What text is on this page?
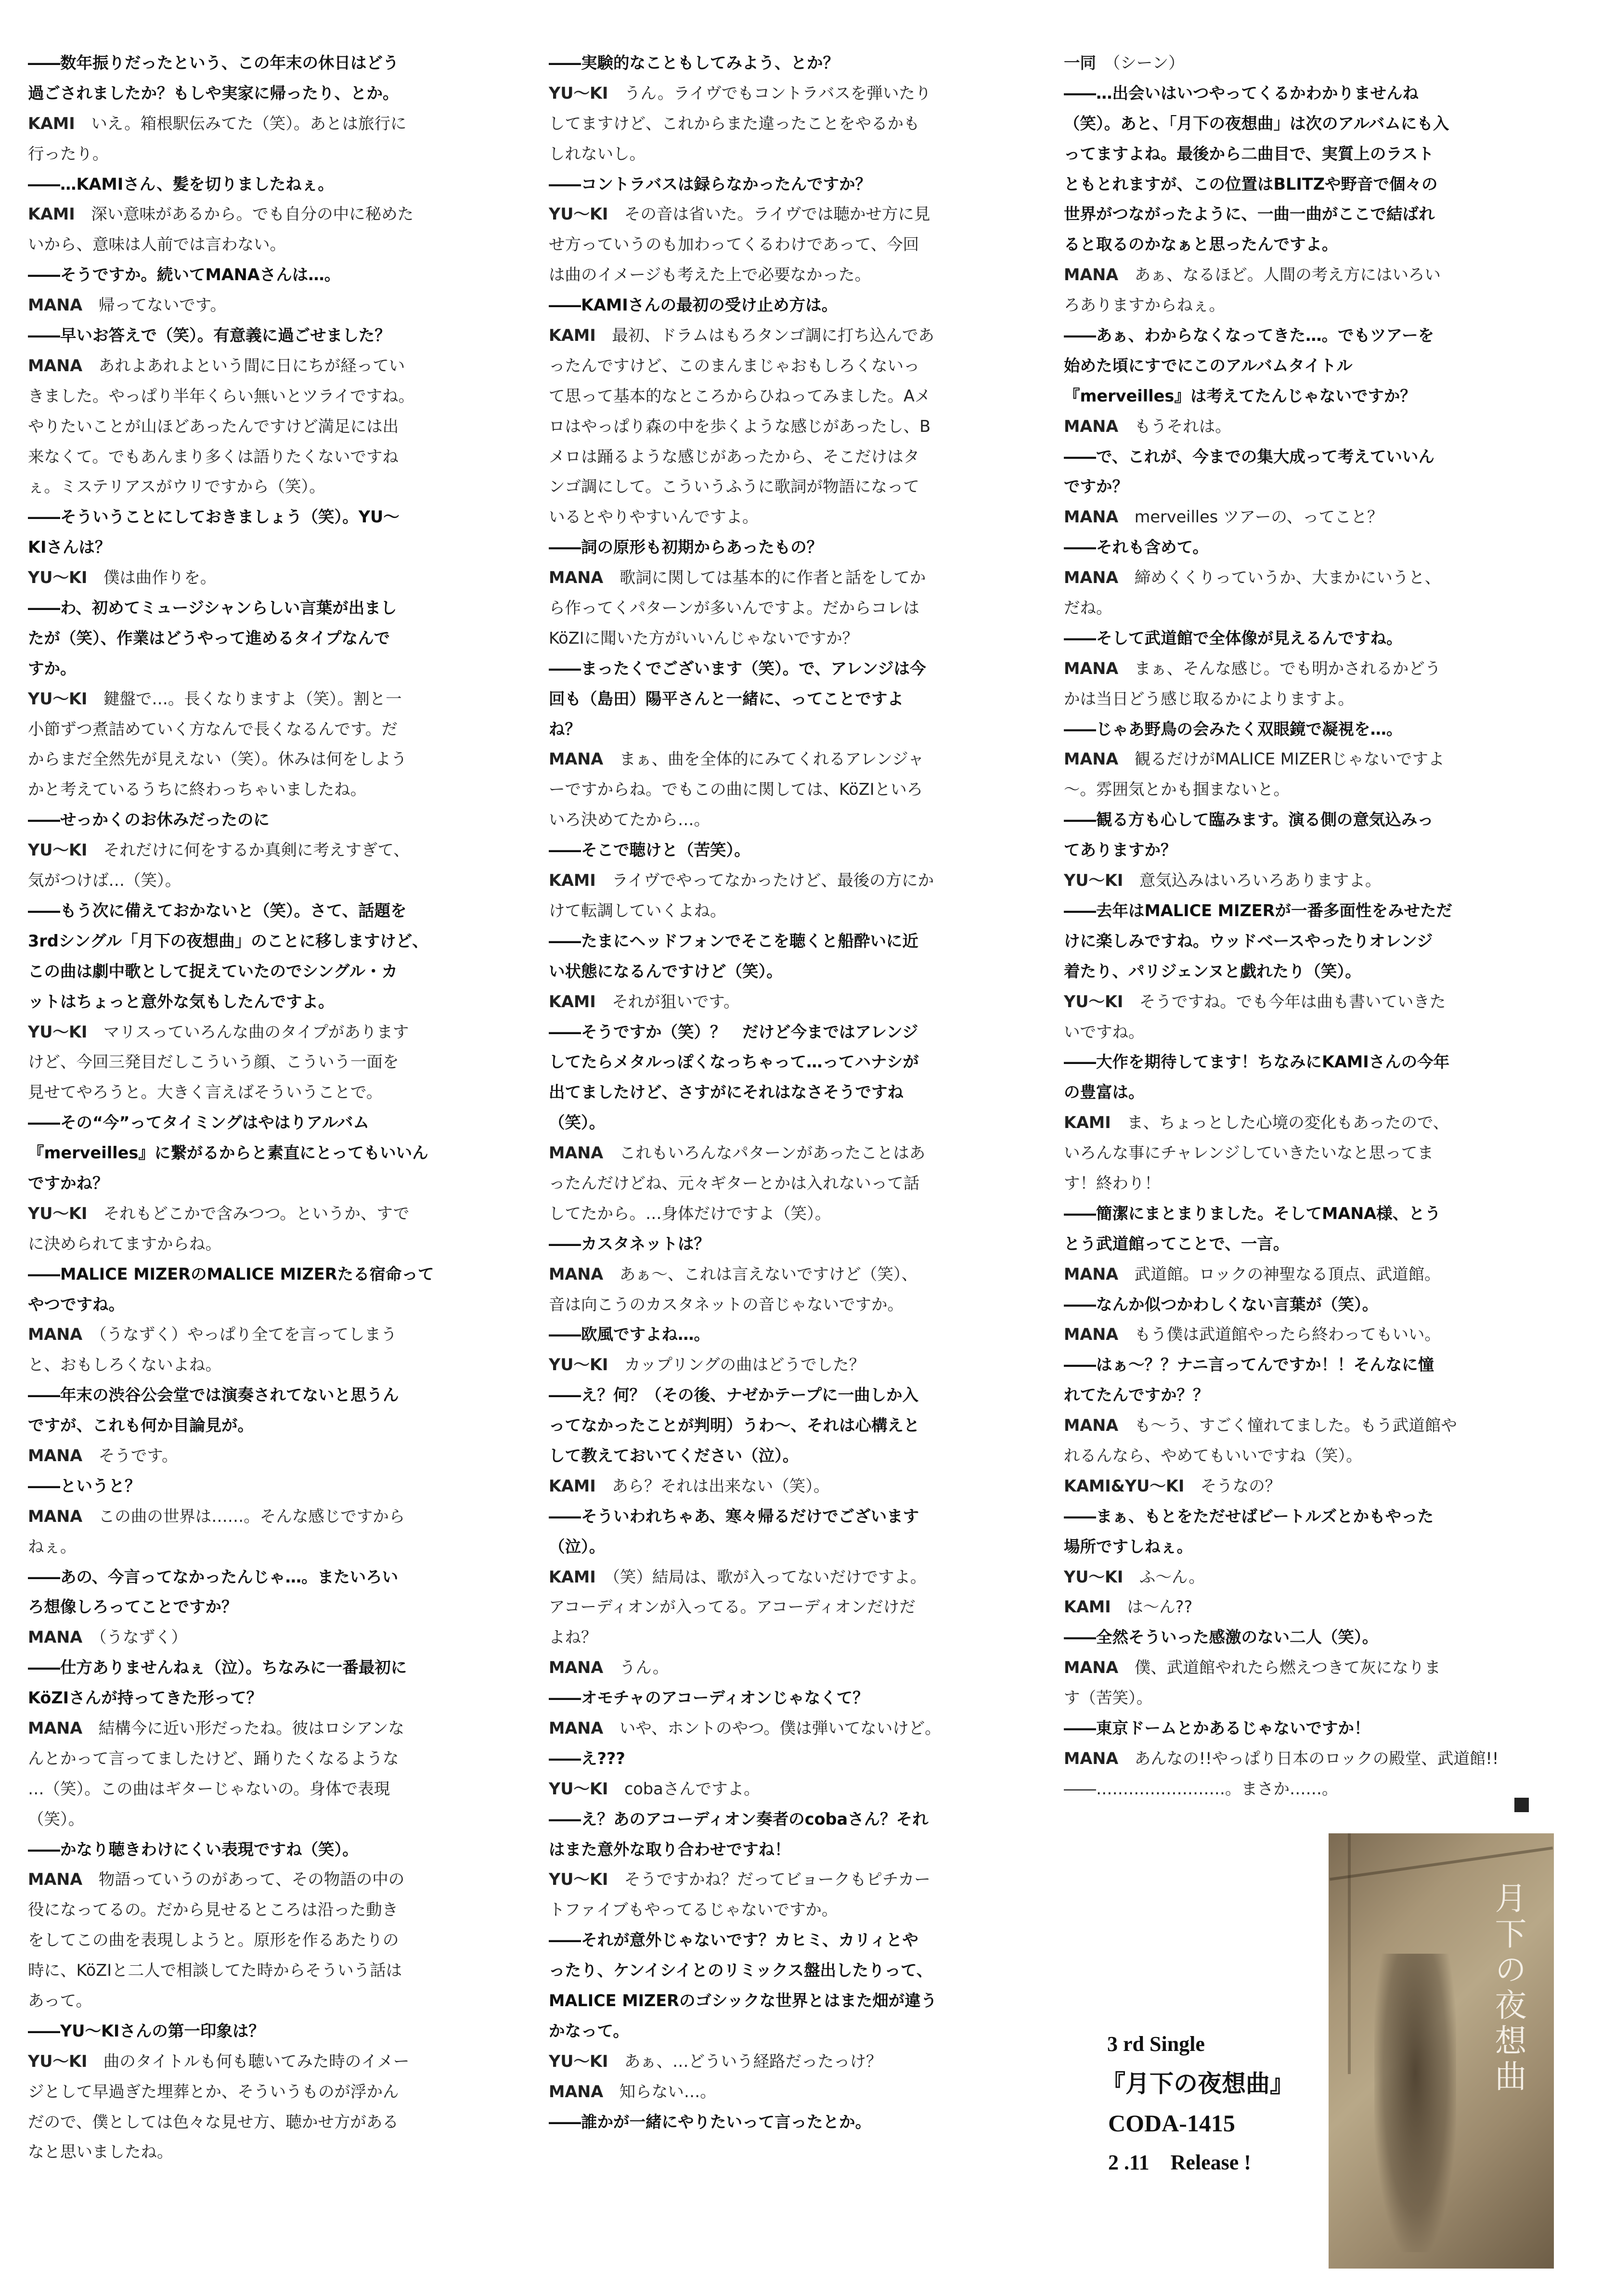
――数年振りだったという、この年末の休日はどう
過ごされましたか？もしや実家に帰ったり、とか。
KAMI　 いえ。箱根駅伝みてた（笑）。あとは旅行に
行ったり。
――…KAMIさん、髪を切りましたねぇ。
KAMI　 深い意味があるから。でも自分の中に秘めた
いから、意味は人前では言わない。
――そうですか。続いてMANAさんは…。
MANA　 帰ってないです。
――早いお答えで（笑）。有意義に過ごせました？
MANA　 あれよあれよという間に日にちが経ってい
きました。やっぱり半年くらい無いとツライですね。
やりたいことが山ほどあったんですけど満足には出
来なくて。でもあんまり多くは語りたくないですね
ぇ。ミステリアスがウリですから（笑）。
――そういうことにしておきましょう（笑）。YU〜
KIさんは？
YU〜KI　 僕は曲作りを。
――わ、初めてミュージシャンらしい言葉が出まし
たが（笑）、作業はどうやって進めるタイプなんで
すか。
YU〜KI　 鍵盤で…。長くなりますよ（笑）。割と一
小節ずつ煮詰めていく方なんで長くなるんです。だ
からまだ全然先が見えない（笑）。休みは何をしよう
かと考えているうちに終わっちゃいましたね。
――せっかくのお休みだったのに
YU〜KI　 それだけに何をするか真剣に考えすぎて、
気がつけば…（笑）。
――もう次に備えておかないと（笑）。さて、話題を
3rdシングル「月下の夜想曲」のことに移しますけど、
この曲は劇中歌として捉えていたのでシングル・カ
ットはちょっと意外な気もしたんですよ。
YU〜KI　 マリスっていろんな曲のタイプがあります
けど、今回三発目だしこういう顔、こういう一面を
見せてやろうと。大きく言えばそういうことで。
――その“今”ってタイミングはやはりアルバム
『merveilles』に繋がるからと素直にとってもいいん
ですかね？
YU〜KI　 それもどこかで含みつつ。というか、すで
に決められてますからね。
――MALICE MIZERのMALICE MIZERたる宿命って
やつですね。
MANA　 （うなずく）やっぱり全てを言ってしまう
と、おもしろくないよね。
――年末の渋谷公会堂では演奏されてないと思うん
ですが、これも何か目論見が。
MANA　 そうです。
――というと？
MANA　 この曲の世界は……。そんな感じですから
ねぇ。
――あの、今言ってなかったんじゃ…。またいろい
ろ想像しろってことですか？
MANA　 （うなずく）
――仕方ありませんねぇ（泣）。ちなみに一番最初に
KöZIさんが持ってきた形って？
MANA　 結構今に近い形だったね。彼はロシアンな
んとかって言ってましたけど、踊りたくなるような
…（笑）。この曲はギターじゃないの。身体で表現
（笑）。
――かなり聴きわけにくい表現ですね（笑）。
MANA　 物語っていうのがあって、その物語の中の
役になってるの。だから見せるところは沿った動き
をしてこの曲を表現しようと。原形を作るあたりの
時に、KöZIと二人で相談してた時からそういう話は
あって。
――YU〜KIさんの第一印象は？
YU〜KI　 曲のタイトルも何も聴いてみた時のイメー
ジとして早過ぎた埋葬とか、そういうものが浮かん
だので、僕としては色々な見せ方、聴かせ方がある
なと思いましたね。
――実験的なこともしてみよう、とか？
YU〜KI　 うん。ライヴでもコントラバスを弾いたり
してますけど、これからまた違ったことをやるかも
しれないし。
――コントラバスは録らなかったんですか？
YU〜KI　 その音は省いた。ライヴでは聴かせ方に見
せ方っていうのも加わってくるわけであって、今回
は曲のイメージも考えた上で必要なかった。
――KAMIさんの最初の受け止め方は。
KAMI　 最初、ドラムはもろタンゴ調に打ち込んであ
ったんですけど、このまんまじゃおもしろくないっ
て思って基本的なところからひねってみました。Aメ
ロはやっぱり森の中を歩くような感じがあったし、B
メロは踊るような感じがあったから、そこだけはタ
ンゴ調にして。こういうふうに歌詞が物語になって
いるとやりやすいんですよ。
――詞の原形も初期からあったもの？
MANA　 歌詞に関しては基本的に作者と話をしてか
ら作ってくパターンが多いんですよ。だからコレは
KöZIに聞いた方がいいんじゃないですか？
――まったくでございます（笑）。で、アレンジは今
回も（島田）陽平さんと一緒に、ってことですよ
ね？
MANA　 まぁ、曲を全体的にみてくれるアレンジャ
ーですからね。でもこの曲に関しては、KöZIといろ
いろ決めてたから…。
――そこで聴けと（苦笑）。
KAMI　 ライヴでやってなかったけど、最後の方にか
けて転調していくよね。
――たまにヘッドフォンでそこを聴くと船酔いに近
い状態になるんですけど（笑）。
KAMI　 それが狙いです。
――そうですか（笑）？　だけど今まではアレンジ
してたらメタルっぽくなっちゃって…ってハナシが
出てましたけど、さすがにそれはなさそうですね
（笑）。
MANA　 これもいろんなパターンがあったことはあ
ったんだけどね、元々ギターとかは入れないって話
してたから。…身体だけですよ（笑）。
――カスタネットは？
MANA　 あぁ〜、これは言えないですけど（笑）、
音は向こうのカスタネットの音じゃないですか。
――欧風ですよね…。
YU〜KI　 カップリングの曲はどうでした？
――え？何？（その後、ナゼかテープに一曲しか入
ってなかったことが判明）うわ〜、それは心構えと
して教えておいてください（泣）。
KAMI　 あら？それは出来ない（笑）。
――そういわれちゃあ、寒々帰るだけでございます
（泣）。
KAMI　 （笑）結局は、歌が入ってないだけですよ。
アコーディオンが入ってる。アコーディオンだけだ
よね？
MANA　 うん。
――オモチャのアコーディオンじゃなくて？
MANA　 いや、ホントのやつ。僕は弾いてないけど。
――え???
YU〜KI　 cobaさんですよ。
――え？あのアコーディオン奏者のcobaさん？それ
はまた意外な取り合わせですね！
YU〜KI　 そうですかね？だってビョークもピチカー
トファイブもやってるじゃないですか。
――それが意外じゃないです？カヒミ、カリィとや
ったり、ケンイシイとのリミックス盤出したりって、
MALICE MIZERのゴシックな世界とはまた畑が違う
かなって。
YU〜KI　 あぁ、…どういう経路だったっけ？
MANA　 知らない…。
――誰かが一緒にやりたいって言ったとか。
一同　 （シーン）
――…出会いはいつやってくるかわかりませんね
（笑）。あと、「月下の夜想曲」は次のアルバムにも入
ってますよね。最後から二曲目で、実質上のラスト
ともとれますが、この位置はBLITZや野音で個々の
世界がつながったように、一曲一曲がここで結ばれ
ると取るのかなぁと思ったんですよ。
MANA　 あぁ、なるほど。人間の考え方にはいろい
ろありますからねぇ。
――あぁ、わからなくなってきた…。でもツアーを
始めた頃にすでにこのアルバムタイトル
『merveilles』は考えてたんじゃないですか？
MANA　 もうそれは。
――で、これが、今までの集大成って考えていいん
ですか？
MANA　 merveilles ツアーの、ってこと？
――それも含めて。
MANA　 締めくくりっていうか、大まかにいうと、
だね。
――そして武道館で全体像が見えるんですね。
MANA　 まぁ、そんな感じ。でも明かされるかどう
かは当日どう感じ取るかによりますよ。
――じゃあ野鳥の会みたく双眼鏡で凝視を…。
MANA　 観るだけがMALICE MIZERじゃないですよ
〜。雰囲気とかも掴まないと。
――観る方も心して臨みます。演る側の意気込みっ
てありますか？
YU〜KI　 意気込みはいろいろありますよ。
――去年はMALICE MIZERが一番多面性をみせただ
けに楽しみですね。ウッドベースやったりオレンジ
着たり、パリジェンヌと戯れたり（笑）。
YU〜KI　 そうですね。でも今年は曲も書いていきた
いですね。
――大作を期待してます！ちなみにKAMIさんの今年
の豊富は。
KAMI　 ま、ちょっとした心境の変化もあったので、
いろんな事にチャレンジしていきたいなと思ってま
す！終わり！
――簡潔にまとまりました。そしてMANA様、とう
とう武道館ってことで、一言。
MANA　 武道館。ロックの神聖なる頂点、武道館。
――なんか似つかわしくない言葉が（笑）。
MANA　 もう僕は武道館やったら終わってもいい。
――はぁ〜？？ナニ言ってんですか！！そんなに憧
れてたんですか？？
MANA　 も〜う、すごく憧れてました。もう武道館や
れるんなら、やめてもいいですね（笑）。
KAMI&YU〜KI　 そうなの？
――まぁ、もとをただせばビートルズとかもやった
場所ですしねぇ。
YU〜KI　 ふ〜ん。
KAMI　 は〜ん??
――全然そういった感激のない二人（笑）。
MANA　 僕、武道館やれたら燃えつきて灰になりま
す（苦笑）。
――東京ドームとかあるじゃないですか！
MANA　 あんなの!!やっぱり日本のロックの殿堂、武道館!!
――……………………。まさか……。
3 rd Single
『月下の夜想曲』
CODA-1415
2 .11　Release !
月下の夜想曲
